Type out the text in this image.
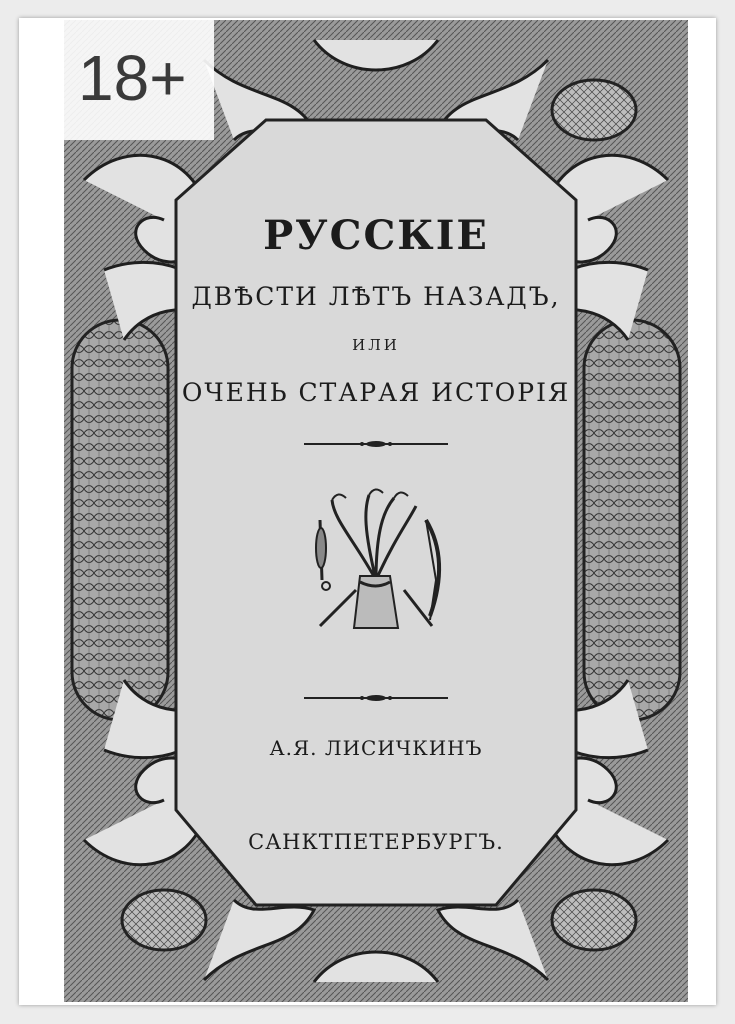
РУССКІЕ
ДВѢСТИ ЛѢТЪ НАЗАДЪ,
ИЛИ
ОЧЕНЬ СТАРАЯ ИСТОРІЯ
А.Я. ЛИСИЧКИНЪ
САНКТПЕТЕРБУРГЪ.
18+
